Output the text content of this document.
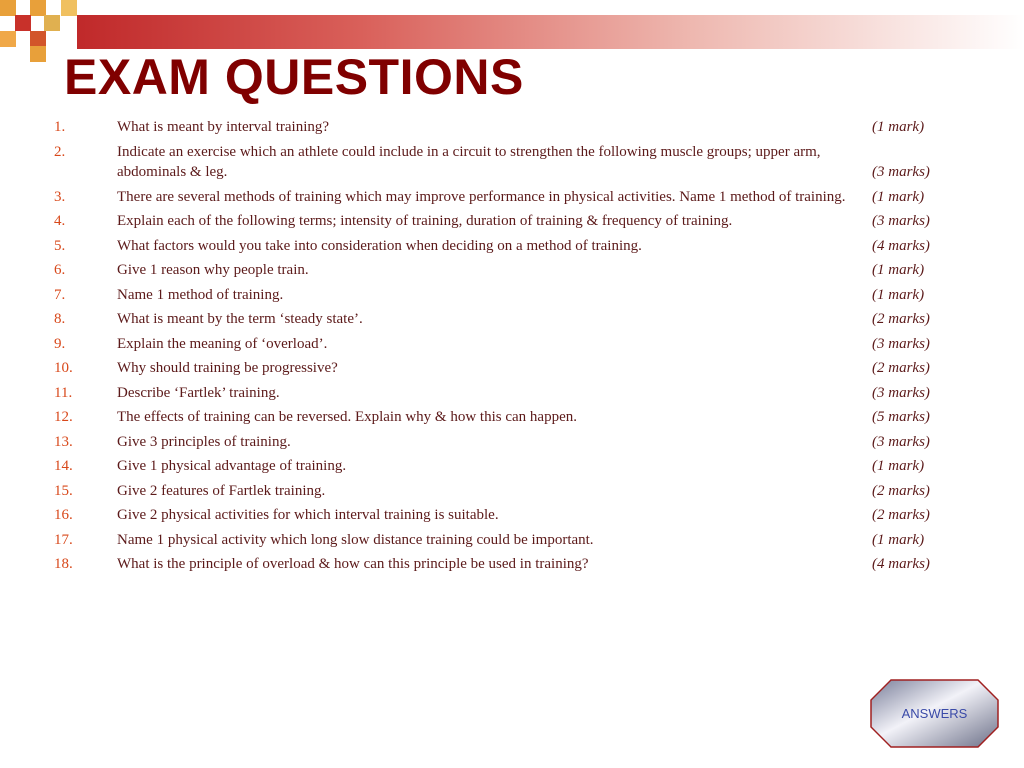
EXAM QUESTIONS
1.	What is meant by interval training?	(1 mark)
2.	Indicate an exercise which an athlete could include in a circuit to strengthen the following muscle groups; upper arm, abdominals & leg.	(3 marks)
3.	There are several methods of training which may improve performance in physical activities. Name 1 method of training.	(1 mark)
4.	Explain each of the following terms; intensity of training, duration of training & frequency of training.	(3 marks)
5.	What factors would you take into consideration when deciding on a method of training.	(4 marks)
6.	Give 1 reason why people train.	(1 mark)
7.	Name 1 method of training.	(1 mark)
8.	What is meant by the term ‘steady state’.	(2 marks)
9.	Explain the meaning of ‘overload’.	(3 marks)
10.	Why should training be progressive?	(2 marks)
11.	Describe ‘Fartlek’ training.	(3 marks)
12.	The effects of training can be reversed. Explain why & how this can happen.	(5 marks)
13.	Give 3 principles of training.	(3 marks)
14.	Give 1 physical advantage of training.	(1 mark)
15.	Give 2 features of Fartlek training.	(2 marks)
16.	Give 2 physical activities for which interval training is suitable.	(2 marks)
17.	Name 1 physical activity which long slow distance training could be important.	(1 mark)
18.	What is the principle of overload & how can this principle be used in training?	(4 marks)
ANSWERS
